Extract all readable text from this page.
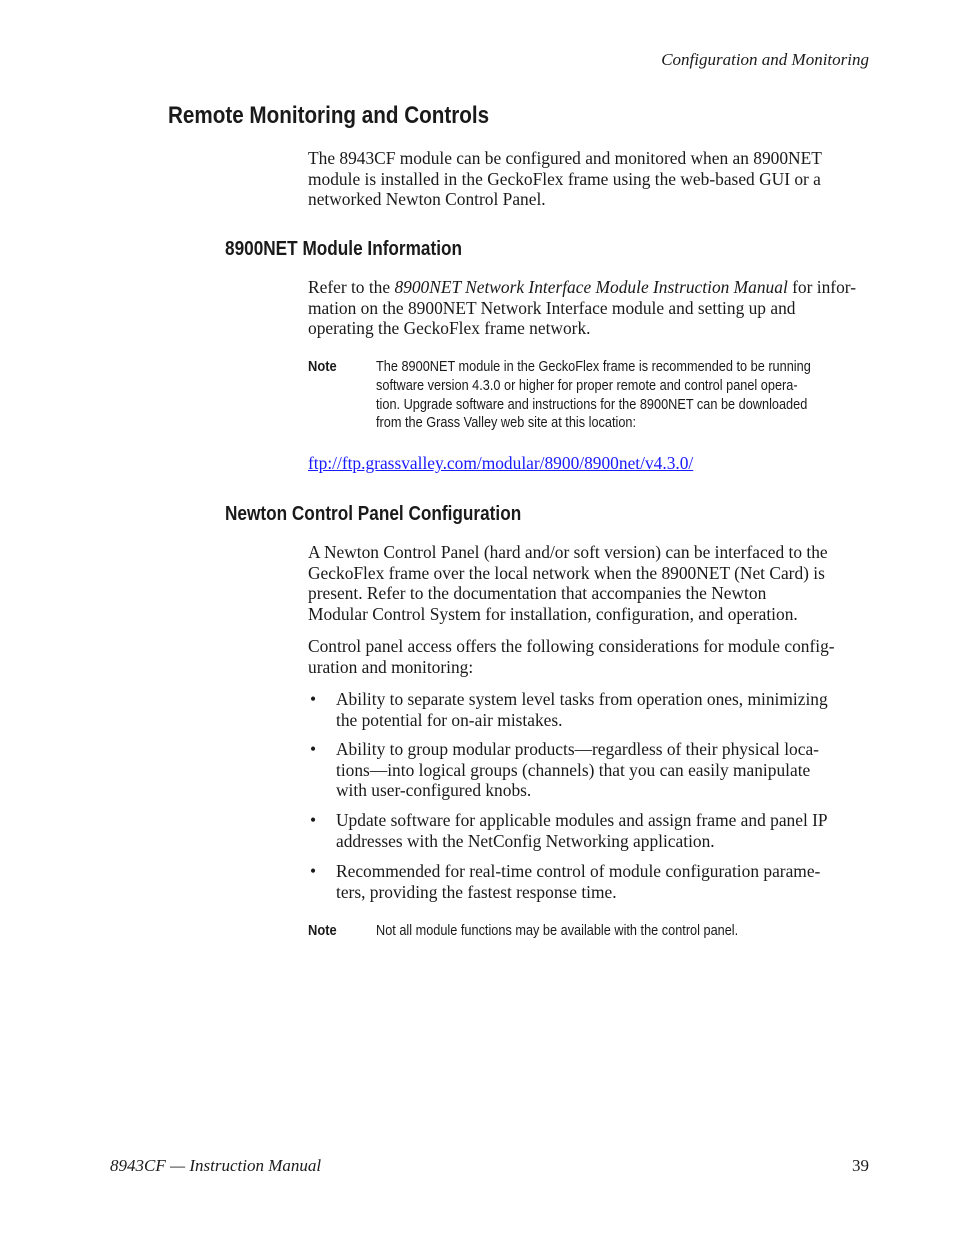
Configuration and Monitoring
Remote Monitoring and Controls
The 8943CF module can be configured and monitored when an 8900NET
module is installed in the GeckoFlex frame using the web-based GUI or a
networked Newton Control Panel.
8900NET Module Information
Refer to the 8900NET Network Interface Module Instruction Manual for infor-
mation on the 8900NET Network Interface module and setting up and
operating the GeckoFlex frame network.
Note	The 8900NET module in the GeckoFlex frame is recommended to be running
software version 4.3.0 or higher for proper remote and control panel opera-
tion. Upgrade software and instructions for the 8900NET can be downloaded
from the Grass Valley web site at this location:
ftp://ftp.grassvalley.com/modular/8900/8900net/v4.3.0/
Newton Control Panel Configuration
A Newton Control Panel (hard and/or soft version) can be interfaced to the
GeckoFlex frame over the local network when the 8900NET (Net Card) is
present. Refer to the documentation that accompanies the Newton
Modular Control System for installation, configuration, and operation.
Control panel access offers the following considerations for module config-
uration and monitoring:
• Ability to separate system level tasks from operation ones, minimizing
the potential for on-air mistakes.
• Ability to group modular products—regardless of their physical loca-
tions—into logical groups (channels) that you can easily manipulate
with user-configured knobs.
• Update software for applicable modules and assign frame and panel IP
addresses with the NetConfig Networking application.
• Recommended for real-time control of module configuration parame-
ters, providing the fastest response time.
Note	Not all module functions may be available with the control panel.
8943CF — Instruction Manual	39
